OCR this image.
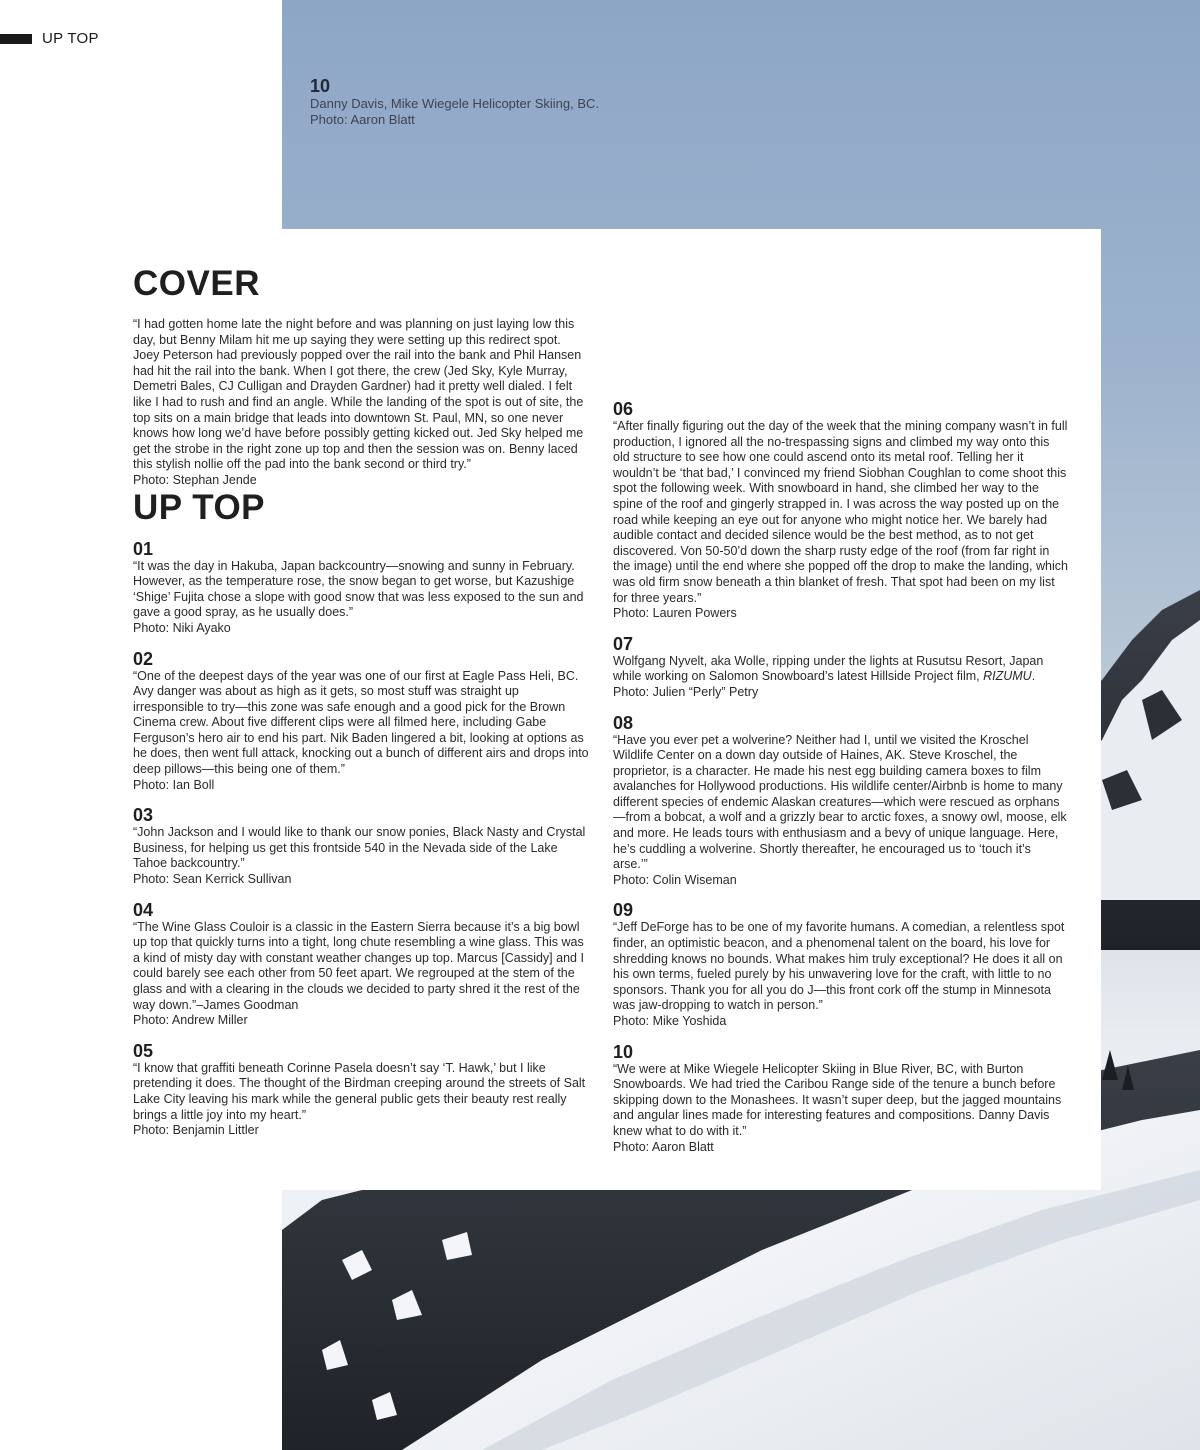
UP TOP
10
Danny Davis, Mike Wiegele Helicopter Skiing, BC.
Photo: Aaron Blatt
COVER

“I had gotten home late the night before and was planning on just laying low this day, but Benny Milam hit me up saying they were setting up this redirect spot. Joey Peterson had previously popped over the rail into the bank and Phil Hansen had hit the rail into the bank. When I got there, the crew (Jed Sky, Kyle Murray, Demetri Bales, CJ Culligan and Drayden Gardner) had it pretty well dialed. I felt like I had to rush and find an angle. While the landing of the spot is out of site, the top sits on a main bridge that leads into downtown St. Paul, MN, so one never knows how long we’d have before possibly getting kicked out. Jed Sky helped me get the strobe in the right zone up top and then the session was on. Benny laced this stylish nollie off the pad into the bank second or third try.”

Photo: Stephan Jende
UP TOP
01

“It was the day in Hakuba, Japan backcountry—snowing and sunny in February. However, as the temperature rose, the snow began to get worse, but Kazushige ‘Shige’ Fujita chose a slope with good snow that was less exposed to the sun and gave a good spray, as he usually does.”

Photo: Niki Ayako
02

“One of the deepest days of the year was one of our first at Eagle Pass Heli, BC. Avy danger was about as high as it gets, so most stuff was straight up irresponsible to try—this zone was safe enough and a good pick for the Brown Cinema crew. About five different clips were all filmed here, including Gabe Ferguson’s hero air to end his part. Nik Baden lingered a bit, looking at options as he does, then went full attack, knocking out a bunch of different airs and drops into deep pillows—this being one of them.”

Photo: Ian Boll
03

“John Jackson and I would like to thank our snow ponies, Black Nasty and Crystal Business, for helping us get this frontside 540 in the Nevada side of the Lake Tahoe backcountry.”

Photo: Sean Kerrick Sullivan
04

“The Wine Glass Couloir is a classic in the Eastern Sierra because it’s a big bowl up top that quickly turns into a tight, long chute resembling a wine glass. This was a kind of misty day with constant weather changes up top. Marcus [Cassidy] and I could barely see each other from 50 feet apart. We regrouped at the stem of the glass and with a clearing in the clouds we decided to party shred it the rest of the way down.”–James Goodman

Photo: Andrew Miller
05

“I know that graffiti beneath Corinne Pasela doesn’t say ‘T. Hawk,’ but I like pretending it does. The thought of the Birdman creeping around the streets of Salt Lake City leaving his mark while the general public gets their beauty rest really brings a little joy into my heart.”

Photo: Benjamin Littler
06

“After finally figuring out the day of the week that the mining company wasn’t in full production, I ignored all the no-trespassing signs and climbed my way onto this old structure to see how one could ascend onto its metal roof. Telling her it wouldn’t be ‘that bad,’ I convinced my friend Siobhan Coughlan to come shoot this spot the following week. With snowboard in hand, she climbed her way to the spine of the roof and gingerly strapped in. I was across the way posted up on the road while keeping an eye out for anyone who might notice her. We barely had audible contact and decided silence would be the best method, as to not get discovered. Von 50-50’d down the sharp rusty edge of the roof (from far right in the image) until the end where she popped off the drop to make the landing, which was old firm snow beneath a thin blanket of fresh. That spot had been on my list for three years.”

Photo: Lauren Powers
07

Wolfgang Nyvelt, aka Wolle, ripping under the lights at Rusutsu Resort, Japan while working on Salomon Snowboard’s latest Hillside Project film, RIZUMU.

Photo: Julien “Perly” Petry
08

“Have you ever pet a wolverine? Neither had I, until we visited the Kroschel Wildlife Center on a down day outside of Haines, AK. Steve Kroschel, the proprietor, is a character. He made his nest egg building camera boxes to film avalanches for Hollywood productions. His wildlife center/Airbnb is home to many different species of endemic Alaskan creatures—which were rescued as orphans—from a bobcat, a wolf and a grizzly bear to arctic foxes, a snowy owl, moose, elk and more. He leads tours with enthusiasm and a bevy of unique language. Here, he’s cuddling a wolverine. Shortly thereafter, he encouraged us to ‘touch it’s arse.’”

Photo: Colin Wiseman
09

“Jeff DeForge has to be one of my favorite humans. A comedian, a relentless spot finder, an optimistic beacon, and a phenomenal talent on the board, his love for shredding knows no bounds. What makes him truly exceptional? He does it all on his own terms, fueled purely by his unwavering love for the craft, with little to no sponsors. Thank you for all you do J—this front cork off the stump in Minnesota was jaw-dropping to watch in person.”

Photo: Mike Yoshida
10

“We were at Mike Wiegele Helicopter Skiing in Blue River, BC, with Burton Snowboards. We had tried the Caribou Range side of the tenure a bunch before skipping down to the Monashees. It wasn’t super deep, but the jagged mountains and angular lines made for interesting features and compositions. Danny Davis knew what to do with it.”

Photo: Aaron Blatt
